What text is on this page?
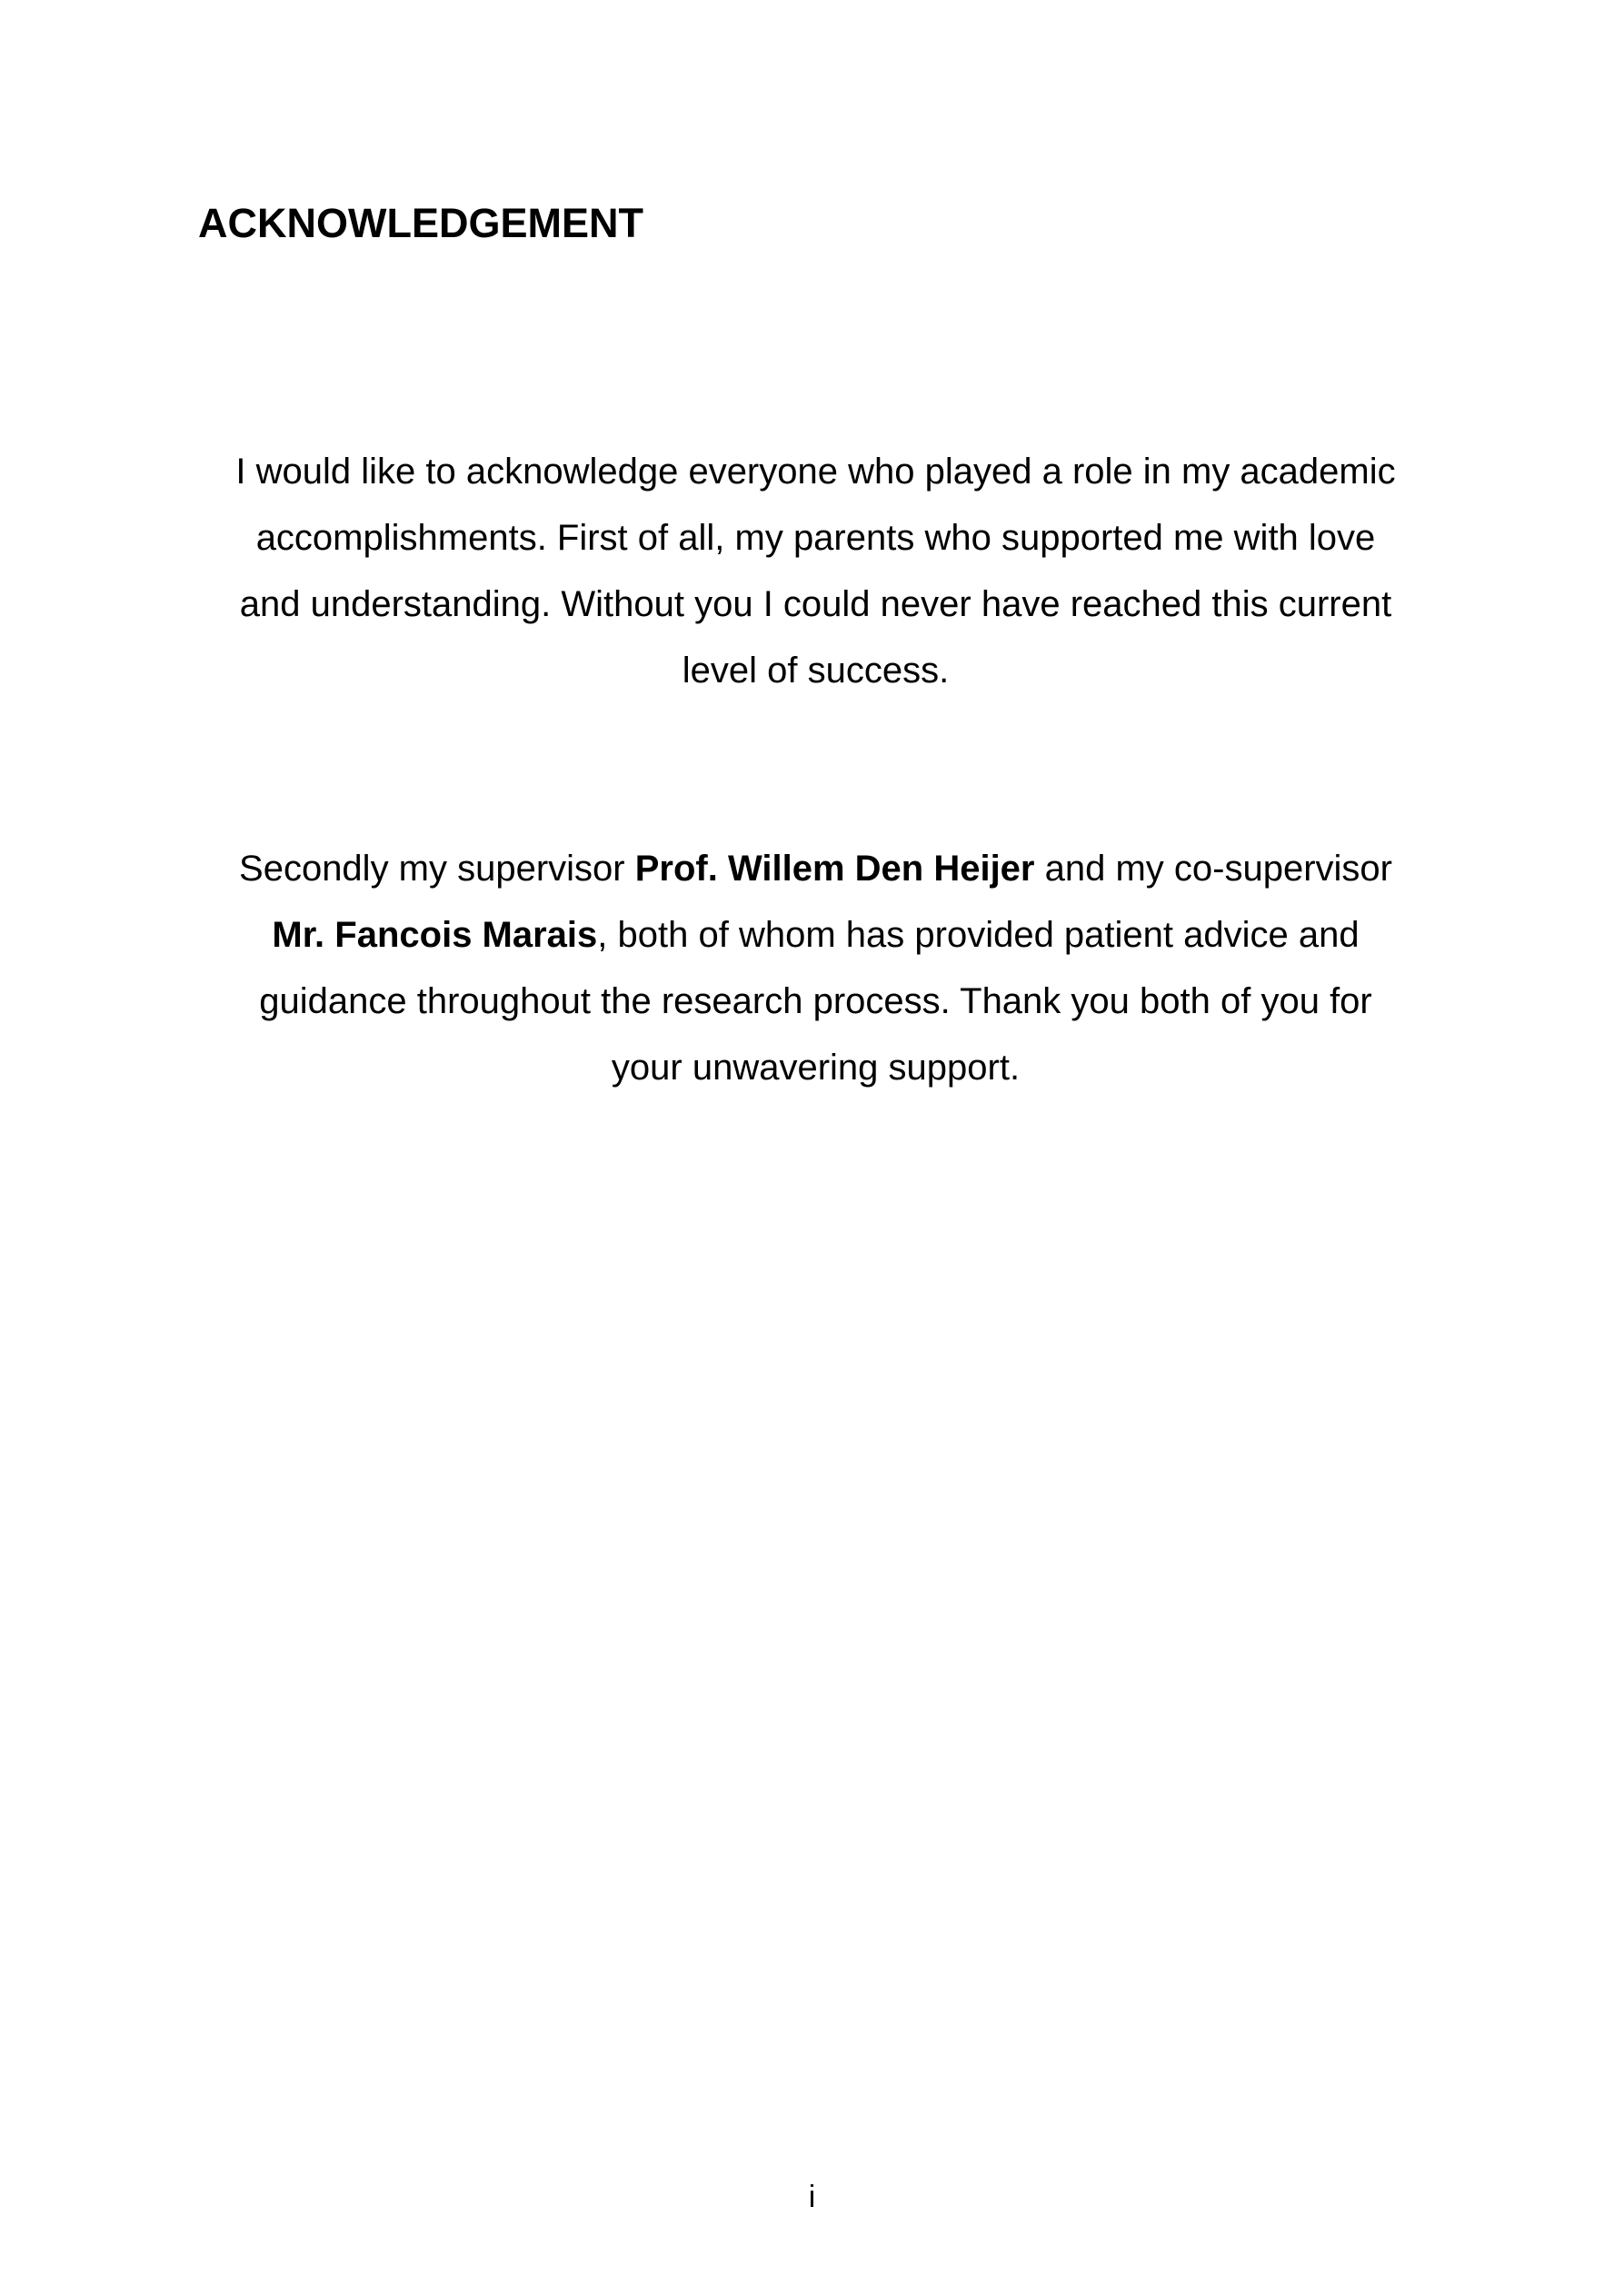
ACKNOWLEDGEMENT

I would like to acknowledge everyone who played a role in my academic
accomplishments. First of all, my parents who supported me with love
and understanding. Without you I could never have reached this current
level of success.

Secondly my supervisor Prof. Willem Den Heijer and my co-supervisor
Mr. Fancois Marais, both of whom has provided patient advice and
guidance throughout the research process. Thank you both of you for
your unwavering support.

i
